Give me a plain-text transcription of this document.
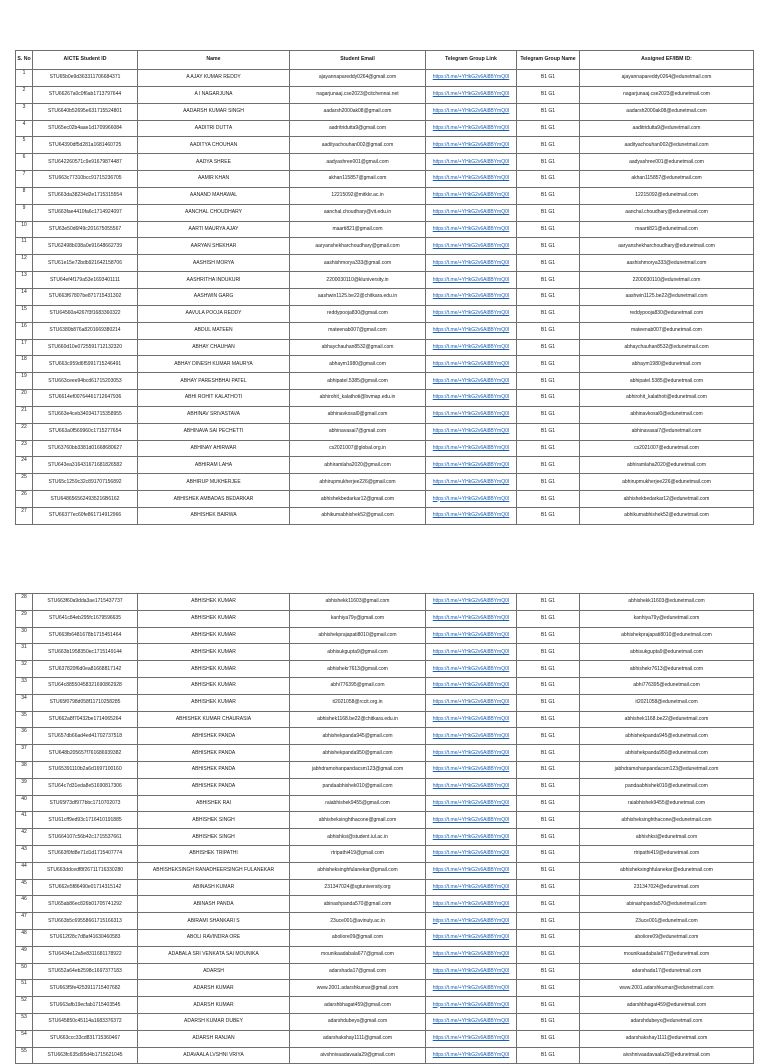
S. No	AICTE Student ID	Name	Student Email	Telegram Group Link	Telegram Group Name	Assigned EF/IBM ID:
1	STU65b0e9d363311706684371	A AJAY KUMAR REDDY	ajayannapareddy0264@gmail.com	https://t.me/+YHkG2v6Al8BYmQ0I	B1 G1	ajayannapareddy0264@edunetmail.com
2	STU66267a0c0f6ab1713797644	A I NAGARJUNA	nagarjunaaj.cse2023@citchennai.net	https://t.me/+YHkG2v6Al8BYmQ0I	B1 G1	nagarjunaaj.cse2023@edunetmail.com
3	STU6640b52695e631715524801	AADARSH KUMAR SINGH	aadarsh2000ak08@gmail.com	https://t.me/+YHkG2v6Al8BYmQ0I	B1 G1	aadarsh2000ak08@edunetmail.com
4	STU65ec02b4aae1d1709966084	AADITRI DUTTA	aadritridutta9@gmail.com	https://t.me/+YHkG2v6Al8BYmQ0I	B1 G1	aaditridutta9@edunetmail.com
5	STU64390df5d281a1681460725	AADITYA CHOUHAN	aadityachouhan002@gmail.com	https://t.me/+YHkG2v6Al8BYmQ0I	B1 G1	aadityachouhan002@edunetmail.com
6	STU642260571c9e91679874487	AADYA SHREE	aadyashree001@gmail.com	https://t.me/+YHkG2v6Al8BYmQ0I	B1 G1	aadyashree001@edunetmail.com
7	STU663c77310bcc91715236705	AAMIR KHAN	akhan115857@gmail.com	https://t.me/+YHkG2v6Al8BYmQ0I	B1 G1	akhan115857@edunetmail.com
8	STU663da38234d2e1715315554	AANAND MAHAWAL	12215092@mitkkr.ac.in	https://t.me/+YHkG2v6Al8BYmQ0I	B1 G1	12215092@edunetmail.com
9	STU663fae4410fa6c1714924097	AANCHAL CHOUDHARY	aanchal.choudhary@vit.edu.in	https://t.me/+YHkG2v6Al8BYmQ0I	B1 G1	aanchal.choudhary@edunetmail.com
10	STU63e50d6f49c201675055567	AARTI MAURYA AJAY	maarti821@gmail.com	https://t.me/+YHkG2v6Al8BYmQ0I	B1 G1	maarti821@edunetmail.com
11	STU62498b038a0e91648662739	AARYAN SHEKHAR	aaryanshekharchoudhary@gmail.com	https://t.me/+YHkG2v6Al8BYmQ0I	B1 G1	aaryanshekharchoudhary@edunetmail.com
12	STU61e15e72bdb921642158706	AASHISH MORYA	aashishmorya333@gmail.com	https://t.me/+YHkG2v6Al8BYmQ0I	B1 G1	aashishmorya333@edunetmail.com
13	STU64ef4f179a53e1693401111	AASHRITHA INDUKURI	2200030110@kluniversity.in	https://t.me/+YHkG2v6Al8BYmQ0I	B1 G1	2200030110@edunetmail.com
14	STU663f67807be871715431302	AASHWIN GARG	aashwin1125.be22@chitkara.edu.in	https://t.me/+YHkG2v6Al8BYmQ0I	B1 G1	aashwin1125.be22@edunetmail.com
15	STU64560a4267f3f1683360322	AAVULA POOJA REDDY	reddypooja830@gmail.com	https://t.me/+YHkG2v6Al8BYmQ0I	B1 G1	reddypooja830@edunetmail.com
16	STU6380b876a8201669380214	ABDUL MATEEN	mateenab007@gmail.com	https://t.me/+YHkG2v6Al8BYmQ0I	B1 G1	mateenab007@edunetmail.com
17	STU660d10e0725591712132320	ABHAY CHAUHAN	abhaychauhan8532@gmail.com	https://t.me/+YHkG2v6Al8BYmQ0I	B1 G1	abhaychauhan8532@edunetmail.com
18	STU663c959d6f5991715246491	ABHAY DINESH KUMAR MAURYA	abhaym1980@gmail.com	https://t.me/+YHkG2v6Al8BYmQ0I	B1 G1	abhaym1980@edunetmail.com
19	STU663ceee94bcd61715203053	ABHAY PARESHBHAI PATEL	abhipatel.5385@gmail.com	https://t.me/+YHkG2v6Al8BYmQ0I	B1 G1	abhipatel.5385@edunetmail.com
20	STU6614ef00764461712647936	ABHI ROHIT KALATHOTI	abhirohit_kalathoti@bvmap.edu.in	https://t.me/+YHkG2v6Al8BYmQ0I	B1 G1	abhirohit_kalathoti@edunetmail.com
21	STU663e4ceb340341715358955	ABHINAV SRIVASTAVA	abhinavkosal0@gmail.com	https://t.me/+YHkG2v6Al8BYmQ0I	B1 G1	abhinavkosal0@edunetmail.com
22	STU663a0f569960c1715277654	ABHINAVA SAI PECHETTI	abhinavasai7@gmail.com	https://t.me/+YHkG2v6Al8BYmQ0I	B1 G1	abhinavasai7@edunetmail.com
23	STU63760bb3381d01668680627	ABHINAY AHIRWAR	cs2021007@global.org.in	https://t.me/+YHkG2v6Al8BYmQ0I	B1 G1	cs2021007@edunetmail.com
24	STU643ea316431671681826582	ABHIRAM LAHA	abhiramlaha2020@gmail.com	https://t.me/+YHkG2v6Al8BYmQ0I	B1 G1	abhiramlaha2020@edunetmail.com
25	STU65c1259c32c891707156892	ABHIRUP MUKHERJEE	abhirupmukherjee226@gmail.com	https://t.me/+YHkG2v6Al8BYmQ0I	B1 G1	abhirupmukherjee226@edunetmail.com
26	STU6486565624935216B6162	ABHISHEK AMBADAS BEDARKAR	abhishekbedarkar12@gmail.com	https://t.me/+YHkG2v6Al8BYmQ0I	B1 G1	abhishekbedarkar12@edunetmail.com
27	STU66377ec60fe861714912966	ABHISHEK BAIRWA	abhikumabhishek52@gmail.com	https://t.me/+YHkG2v6Al8BYmQ0I	B1 G1	abhikumabhishek52@edunetmail.com
28	STU663f60a9dda3ae1715437737	ABHISHEK KUMAR	abhishekk11603@gmail.com	https://t.me/+YHkG2v6Al8BYmQ0I	B1 G1	abhishekk11603@edunetmail.com
29	STU641c84eb295fc1679596635	ABHISHEK KUMAR	kanhiya79y@gmail.com	https://t.me/+YHkG2v6Al8BYmQ0I	B1 G1	kanhiya79y@edunetmail.com
30	STU663fb6481678b1715451464	ABHISHEK KUMAR	abhishekprajapati8010@gmail.com	https://t.me/+YHkG2v6Al8BYmQ0I	B1 G1	abhishekprajapati8010@edunetmail.com
31	STU663b1958350ec1715149144	ABHISHEK KUMAR	abhisukgupta9@gmail.com	https://t.me/+YHkG2v6Al8BYmQ0I	B1 G1	abhisukgupta9@edunetmail.com
32	STU637820f6d0ea81668817142	ABHISHEK KUMAR	abhishekr7613@gmail.com	https://t.me/+YHkG2v6Al8BYmQ0I	B1 G1	abhishekr7613@edunetmail.com
33	STU64c88550458321690862928	ABHISHEK KUMAR	abhi776395@gmail.com	https://t.me/+YHkG2v6Al8BYmQ0I	B1 G1	abhi776395@edunetmail.com
34	STU65f0798d058f11710258285	ABHISHEK KUMAR	it2021058@rccit.org.in	https://t.me/+YHkG2v6Al8BYmQ0I	B1 G1	it2021058@edunetmail.com
35	STU662a8f70432be1714065264	ABHISHEK KUMAR CHAURASIA	abhishek1168.be22@chitkara.edu.in	https://t.me/+YHkG2v6Al8BYmQ0I	B1 G1	abhishek1168.be22@edunetmail.com
36	STU657db66ad4ed41702737518	ABHISHEK PANDA	abhishekpanda945@gmail.com	https://t.me/+YHkG2v6Al8BYmQ0I	B1 G1	abhishekpanda945@edunetmail.com
37	STU648b205657f761686939382	ABHISHEK PANDA	abhishekpanda950@gmail.com	https://t.me/+YHkG2v6Al8BYmQ0I	B1 G1	abhishekpanda950@edunetmail.com
38	STU65391110b2a6d1697100160	ABHISHEK PANDA	jabhdramohanpandacsm123@gmail.com	https://t.me/+YHkG2v6Al8BYmQ0I	B1 G1	jabhdramohanpandacsm123@edunetmail.com
39	STU64c7d31eda8e51690817306	ABHISHEK PANDA	pandaabhishek010@gmail.com	https://t.me/+YHkG2v6Al8BYmQ0I	B1 G1	pandaabhishek010@edunetmail.com
40	STU65f73df977bbc1710702073	ABHISHEK RAI	raiabhishek9455@gmail.com	https://t.me/+YHkG2v6Al8BYmQ0I	B1 G1	raiabhishek9455@edunetmail.com
41	STU61cff9ed93c1716410191885	ABHISHEK SINGH	abhisheksinghthacone@gmail.com	https://t.me/+YHkG2v6Al8BYmQ0I	B1 G1	abhisheksinghthacone@edunetmail.com
42	STU664107c56b42c1715537661	ABHISHEK SINGH	abhishksi@student.iul.ac.in	https://t.me/+YHkG2v6Al8BYmQ0I	B1 G1	abhishksi@edunetmail.com
43	STU663f0fd8e71d1d1715407774	ABHISHEK TRIPATHI	rtripathi419@gmail.com	https://t.me/+YHkG2v6Al8BYmQ0I	B1 G1	rtripathi419@edunetmail.com
44	STU663ddcedf8f26711716330280	ABHISHEKSINGH RANADHEERSINGH FULANEKAR	abhisheksinghfulanekar@gmail.com	https://t.me/+YHkG2v6Al8BYmQ0I	B1 G1	abhisheksinghfulanekar@edunetmail.com
45	STU662e5f86490e01714315142	ABINASH KUMAR	231347024@sgtuniversity.org	https://t.me/+YHkG2v6Al8BYmQ0I	B1 G1	231347024@edunetmail.com
46	STU65ab86ec826b01705741292	ABINASH PANDA	abinashpanda570@gmail.com	https://t.me/+YHkG2v6Al8BYmQ0I	B1 G1	abinashpanda570@edunetmail.com
47	STU663b5c69558661715166313	ABIRAMI SHANKARI S	23uce001@avinuty.ac.in	https://t.me/+YHkG2v6Al8BYmQ0I	B1 G1	23uce001@edunetmail.com
48	STU612f28c7d8af41630460583	ABOLI RAVINDRA ORE	aboliore09@gmail.com	https://t.me/+YHkG2v6Al8BYmQ0I	B1 G1	aboliore09@edunetmail.com
49	STU6434e12a5e8311681178922	ADABALA SRI VENKATA SAI MOUNIKA	mounikaadabala677@gmail.com	https://t.me/+YHkG2v6Al8BYmQ0I	B1 G1	mounikaadabala677@edunetmail.com
50	STU652a64eb2598c1697377183	ADARSH	adarshada17@gmail.com	https://t.me/+YHkG2v6Al8BYmQ0I	B1 G1	adarshada17@edunetmail.com
51	STU663f5fe4253911715407682	ADARSH KUMAR	www.2001.adarshkumar@gmail.com	https://t.me/+YHkG2v6Al8BYmQ0I	B1 G1	www.2001.adarshkumar@edunetmail.com
52	STU663afb19ecfab1715403545	ADARSH KUMAR	adarshbhagat459@gmail.com	https://t.me/+YHkG2v6Al8BYmQ0I	B1 G1	adarshbhagat459@edunetmail.com
53	STU645850c45114a1683376372	ADARSH KUMAR DUBEY	adarshdubeyx@gmail.com	https://t.me/+YHkG2v6Al8BYmQ0I	B1 G1	adarshdubeyx@edunetmail.com
54	STU663ccc33cd831715360467	ADARSH RANJAN	adarshakshay1111@gmail.com	https://t.me/+YHkG2v6Al8BYmQ0I	B1 G1	adarshakshay1111@edunetmail.com
55	STU663fc635d95d4b1715621045	ADAVAALA LVSHNI VRIYA	aivshnivaadavaala29@gmail.com	https://t.me/+YHkG2v6Al8BYmQ0I	B1 G1	aivshnivaadavaala29@edunetmail.com
